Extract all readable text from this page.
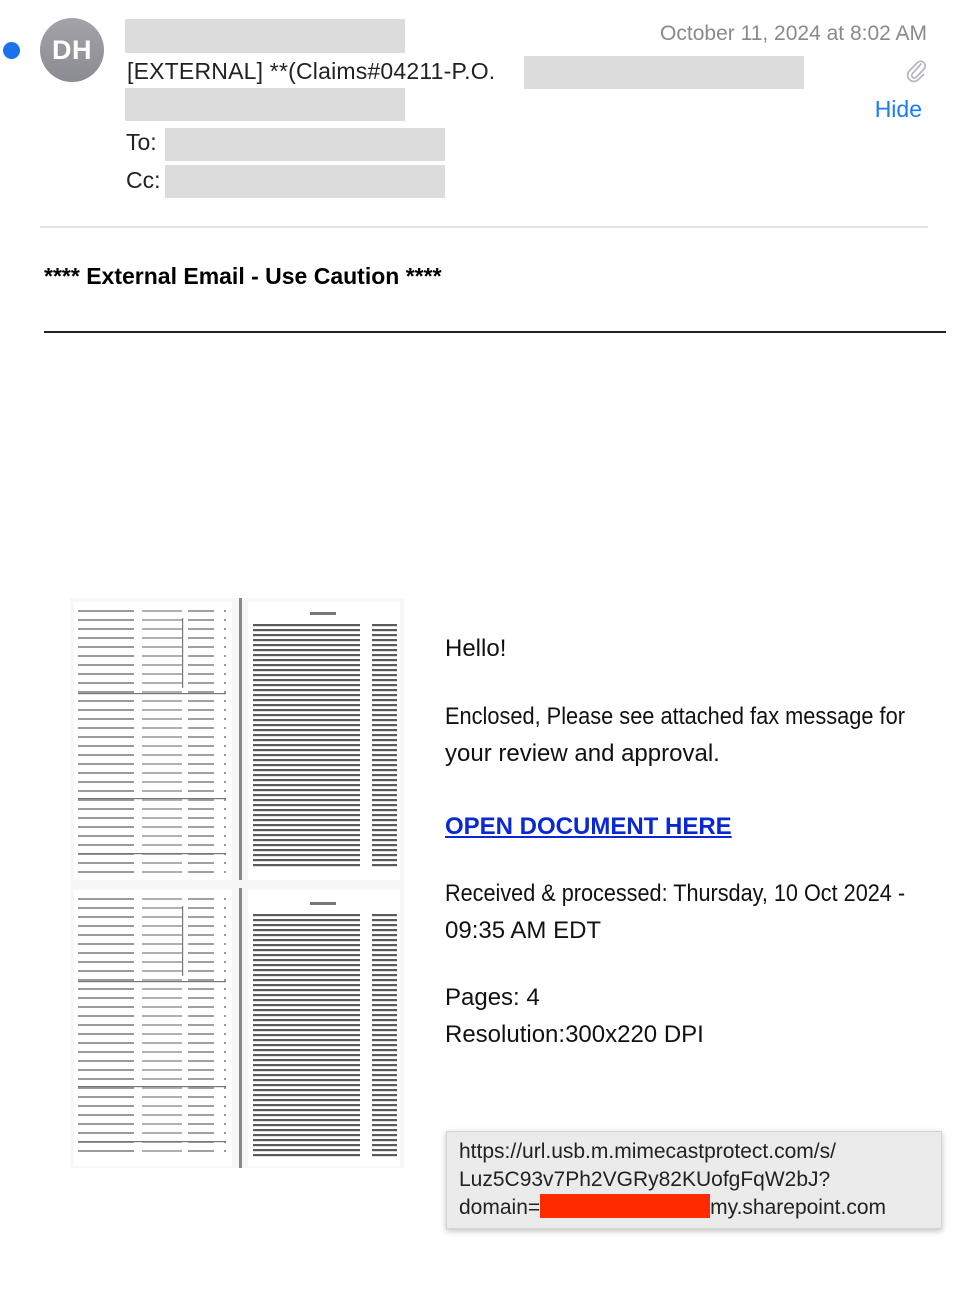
DH
[EXTERNAL] **(Claims#04211-P.O.
October 11, 2024 at 8:02 AM
Hide
To:
Cc:
**** External Email - Use Caution ****
Hello!
Enclosed, Please see attached fax message for
your review and approval.
OPEN DOCUMENT HERE
Received & processed: Thursday, 10 Oct 2024 -
09:35 AM EDT
Pages: 4
Resolution:300x220 DPI
https://url.usb.m.mimecastprotect.com/s/
Luz5C93v7Ph2VGRy82KUofgFqW2bJ?
domain=	my.sharepoint.com
